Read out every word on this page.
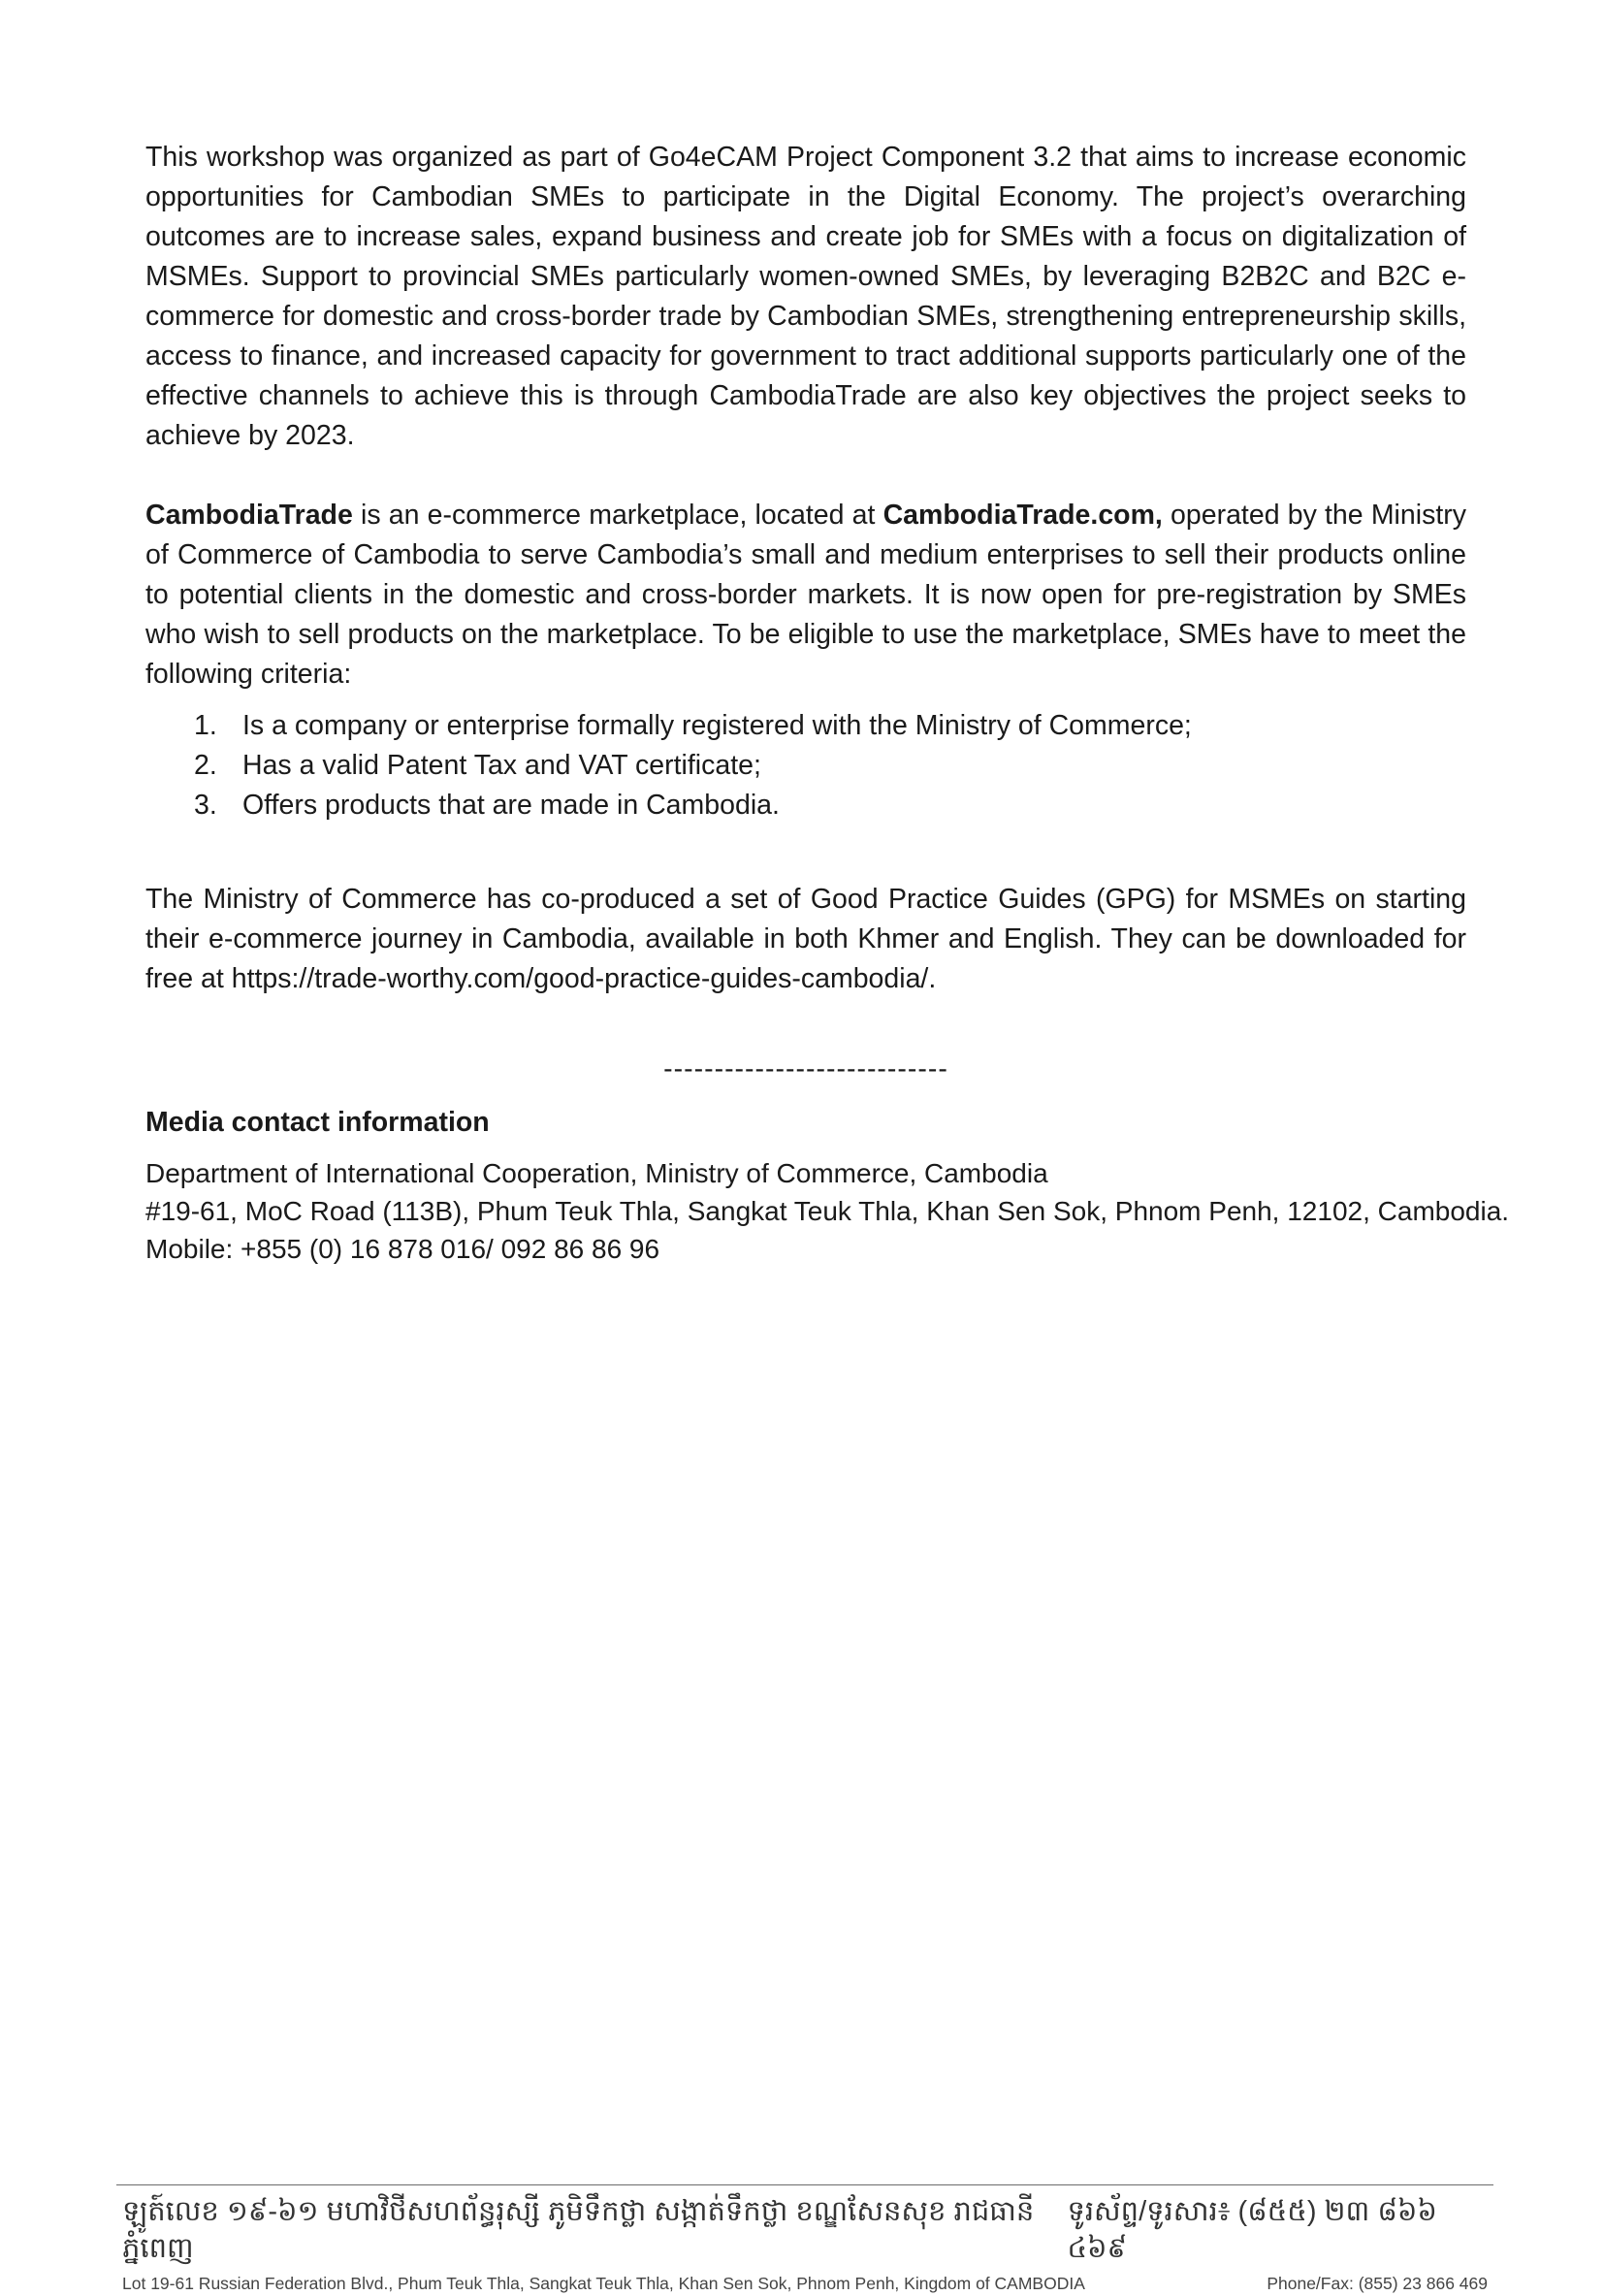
This workshop was organized as part of Go4eCAM Project Component 3.2 that aims to increase economic opportunities for Cambodian SMEs to participate in the Digital Economy. The project’s overarching outcomes are to increase sales, expand business and create job for SMEs with a focus on digitalization of MSMEs. Support to provincial SMEs particularly women-owned SMEs, by leveraging B2B2C and B2C e-commerce for domestic and cross-border trade by Cambodian SMEs, strengthening entrepreneurship skills, access to finance, and increased capacity for government to tract additional supports particularly one of the effective channels to achieve this is through CambodiaTrade are also key objectives the project seeks to achieve by 2023.

CambodiaTrade is an e-commerce marketplace, located at CambodiaTrade.com, operated by the Ministry of Commerce of Cambodia to serve Cambodia’s small and medium enterprises to sell their products online to potential clients in the domestic and cross-border markets. It is now open for pre-registration by SMEs who wish to sell products on the marketplace. To be eligible to use the marketplace, SMEs have to meet the following criteria:

1. Is a company or enterprise formally registered with the Ministry of Commerce;
2. Has a valid Patent Tax and VAT certificate;
3. Offers products that are made in Cambodia.

The Ministry of Commerce has co-produced a set of Good Practice Guides (GPG) for MSMEs on starting their e-commerce journey in Cambodia, available in both Khmer and English. They can be downloaded for free at https://trade-worthy.com/good-practice-guides-cambodia/.

----------------------------
Media contact information
Department of International Cooperation, Ministry of Commerce, Cambodia
#19-61, MoC Road (113B), Phum Teuk Thla, Sangkat Teuk Thla, Khan Sen Sok, Phnom Penh, 12102, Cambodia.
Mobile: +855 (0) 16 878 016/ 092 86 86 96
ឡូត៍លេខ ១៩-៦១ មហាវិថីសហព័ន្ធរុស្សី ភូមិទឹកថ្លា សង្កាត់ទឹកថ្លា ខណ្ឌសែនសុខ រាជធានីភ្នំពេញ
ទូរស័ព្ទ/ទូរសារ៖ (៨៥៥) ២៣ ៨៦៦ ៤៦៩
Lot 19-61 Russian Federation Blvd., Phum Teuk Thla, Sangkat Teuk Thla, Khan Sen Sok, Phnom Penh, Kingdom of CAMBODIA	Phone/Fax: (855) 23 866 469
